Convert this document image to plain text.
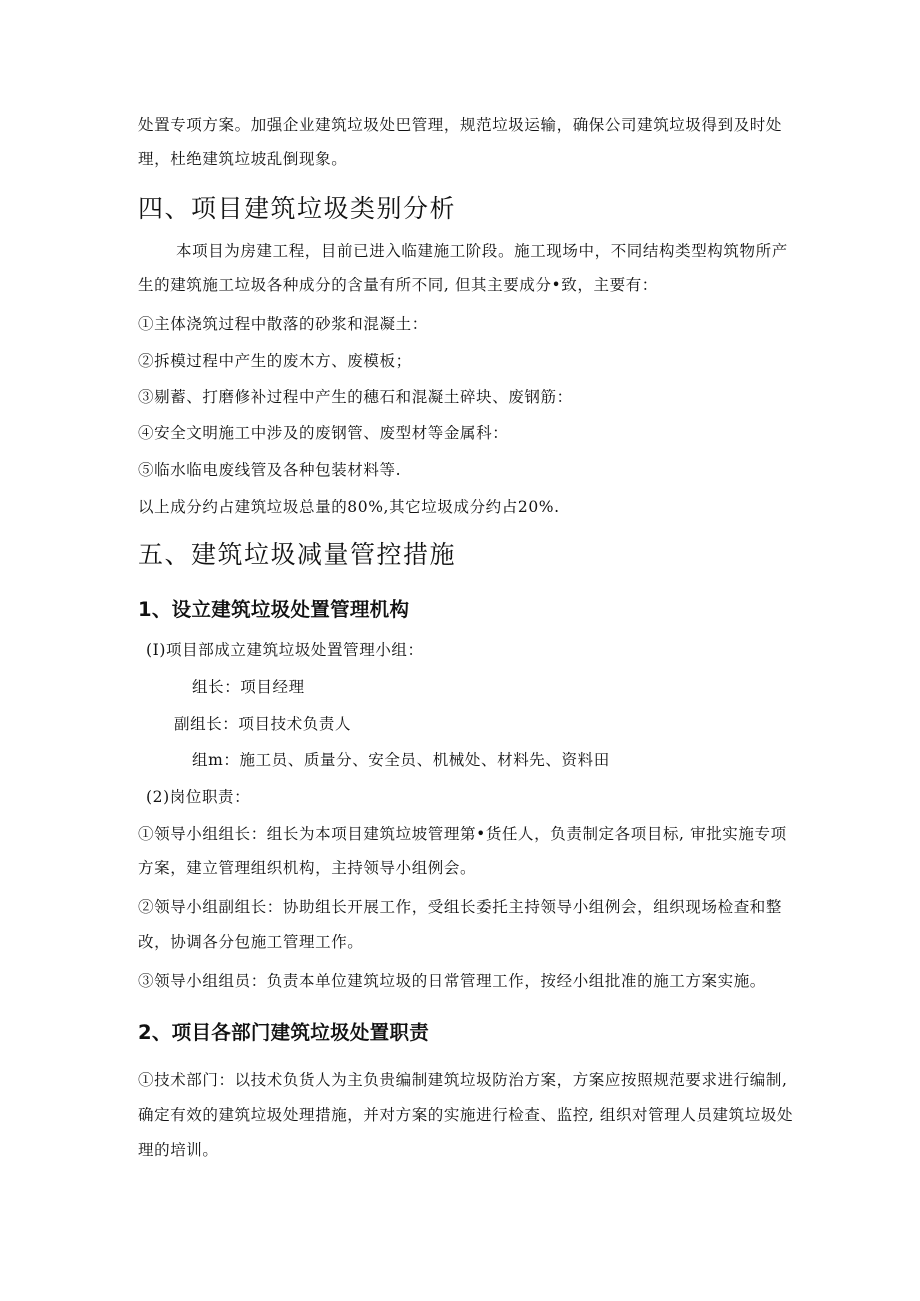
处置专项方案。加强企业建筑垃圾处巴管理，规范垃圾运输，确保公司建筑垃圾得到及时处
理，杜绝建筑垃坡乱倒现象。
四、项目建筑垃圾类别分析
本项目为房建工程，目前已进入临建施工阶段。施工现场中，不同结构类型构筑物所产
生的建筑施工垃圾各种成分的含量有所不同, 但其主要成分•致，主要有：
①主体浇筑过程中散落的砂浆和混凝土：
②拆模过程中产生的废木方、废模板；
③剔蓄、打磨修补过程中产生的穗石和混凝土碎块、废钢筋：
④安全文明施工中涉及的废钢管、废型材等金属科：
⑤临水临电废线管及各种包装材料等.
以上成分约占建筑垃圾总量的80%,其它垃圾成分约占20%.
五、建筑垃圾减量管控措施
1、设立建筑垃圾处置管理机构
(I)项目部成立建筑垃圾处置管理小组：
组长：项目经理
副组长：项目技术负责人
组m：施工员、质量分、安全员、机械处、材料先、资料田
(2)岗位职责：
①领导小组组长：组长为本项目建筑垃坡管理第•货任人，负责制定各项目标, 审批实施专项
方案，建立管理组织机构，主持领导小组例会。
②领导小组副组长：协助组长开展工作，受组长委托主持领导小组例会，组织现场检查和整
改，协调各分包施工管理工作。
③领导小组组员：负责本单位建筑垃圾的日常管理工作，按经小组批准的施工方案实施。
2、项目各部门建筑垃圾处置职责
①技术部门：以技术负货人为主负贵编制建筑垃圾防治方案，方案应按照规范要求进行编制,
确定有效的建筑垃圾处理措施，并对方案的实施进行检查、监控, 组织对管理人员建筑垃圾处
理的培训。
